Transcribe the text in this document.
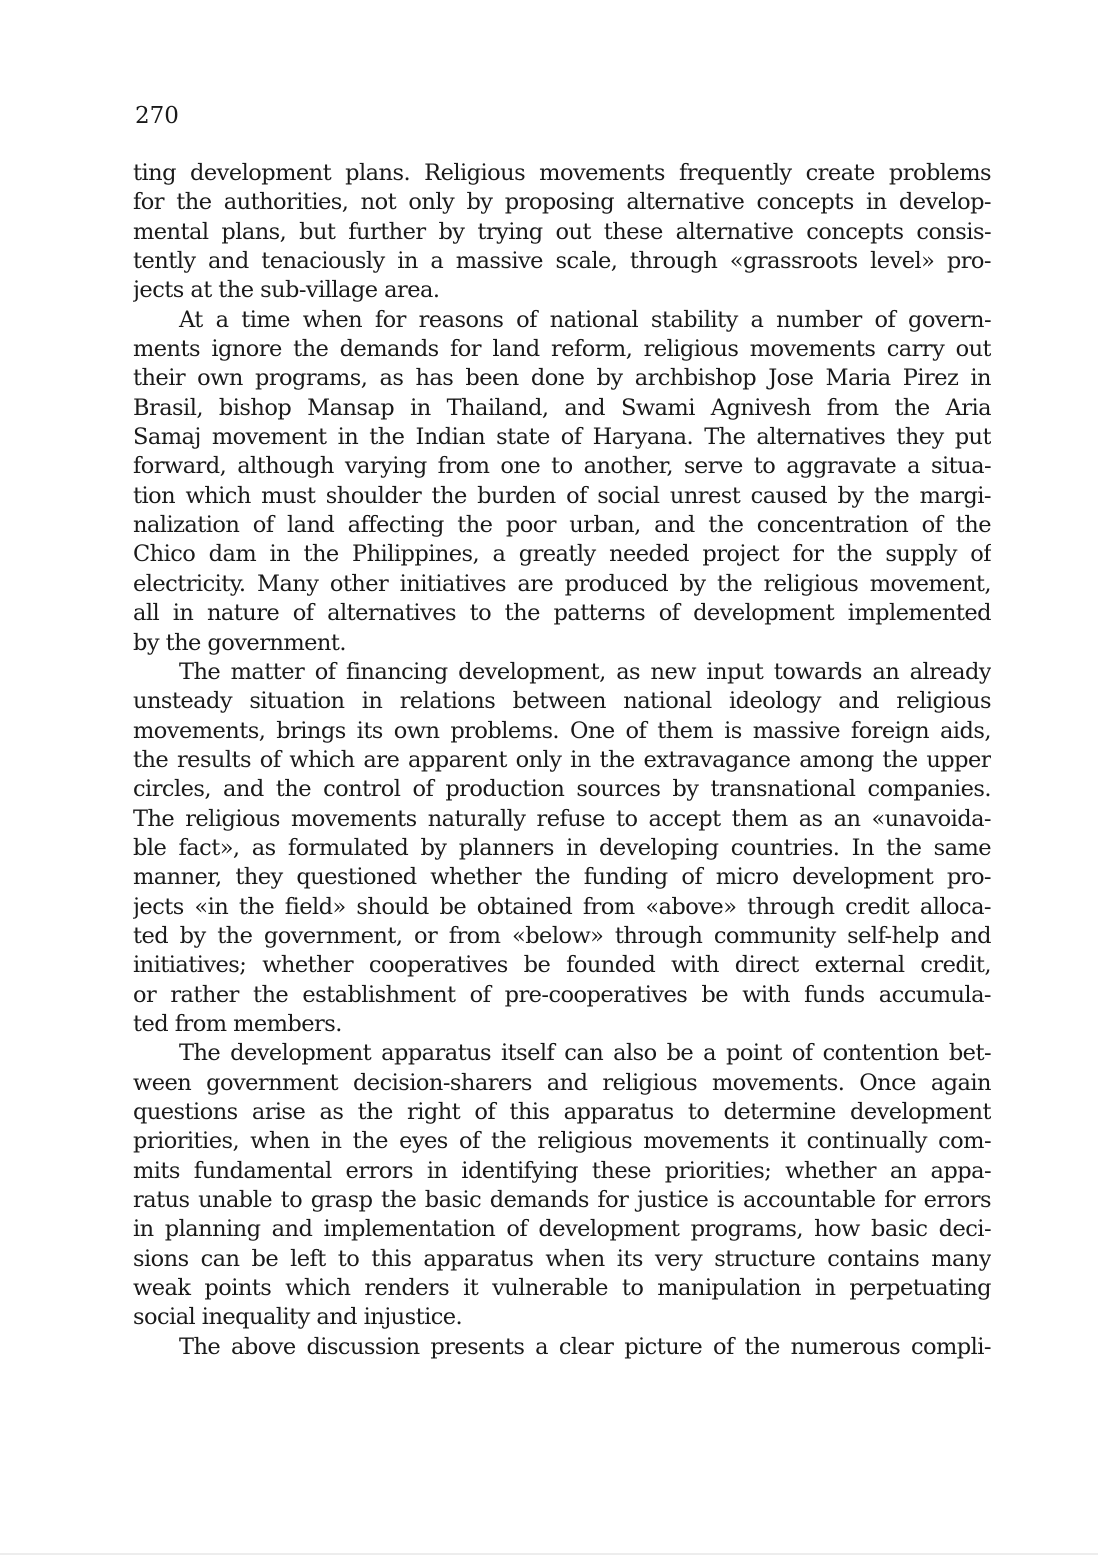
270
ting development plans. Religious movements frequently create problems
for the authorities, not only by proposing alternative concepts in develop-
mental plans, but further by trying out these alternative concepts consis-
tently and tenaciously in a massive scale, through «grassroots level» pro-
jects at the sub-village area.
At a time when for reasons of national stability a number of govern-
ments ignore the demands for land reform, religious movements carry out
their own programs, as has been done by archbishop Jose Maria Pirez in
Brasil, bishop Mansap in Thailand, and Swami Agnivesh from the Aria
Samaj movement in the Indian state of Haryana. The alternatives they put
forward, although varying from one to another, serve to aggravate a situa-
tion which must shoulder the burden of social unrest caused by the margi-
nalization of land affecting the poor urban, and the concentration of the
Chico dam in the Philippines, a greatly needed project for the supply of
electricity. Many other initiatives are produced by the religious movement,
all in nature of alternatives to the patterns of development implemented
by the government.
The matter of financing development, as new input towards an already
unsteady situation in relations between national ideology and religious
movements, brings its own problems. One of them is massive foreign aids,
the results of which are apparent only in the extravagance among the upper
circles, and the control of production sources by transnational companies.
The religious movements naturally refuse to accept them as an «unavoida-
ble fact», as formulated by planners in developing countries. In the same
manner, they questioned whether the funding of micro development pro-
jects «in the field» should be obtained from «above» through credit alloca-
ted by the government, or from «below» through community self-help and
initiatives; whether cooperatives be founded with direct external credit,
or rather the establishment of pre-cooperatives be with funds accumula-
ted from members.
The development apparatus itself can also be a point of contention bet-
ween government decision-sharers and religious movements. Once again
questions arise as the right of this apparatus to determine development
priorities, when in the eyes of the religious movements it continually com-
mits fundamental errors in identifying these priorities; whether an appa-
ratus unable to grasp the basic demands for justice is accountable for errors
in planning and implementation of development programs, how basic deci-
sions can be left to this apparatus when its very structure contains many
weak points which renders it vulnerable to manipulation in perpetuating
social inequality and injustice.
The above discussion presents a clear picture of the numerous compli-
